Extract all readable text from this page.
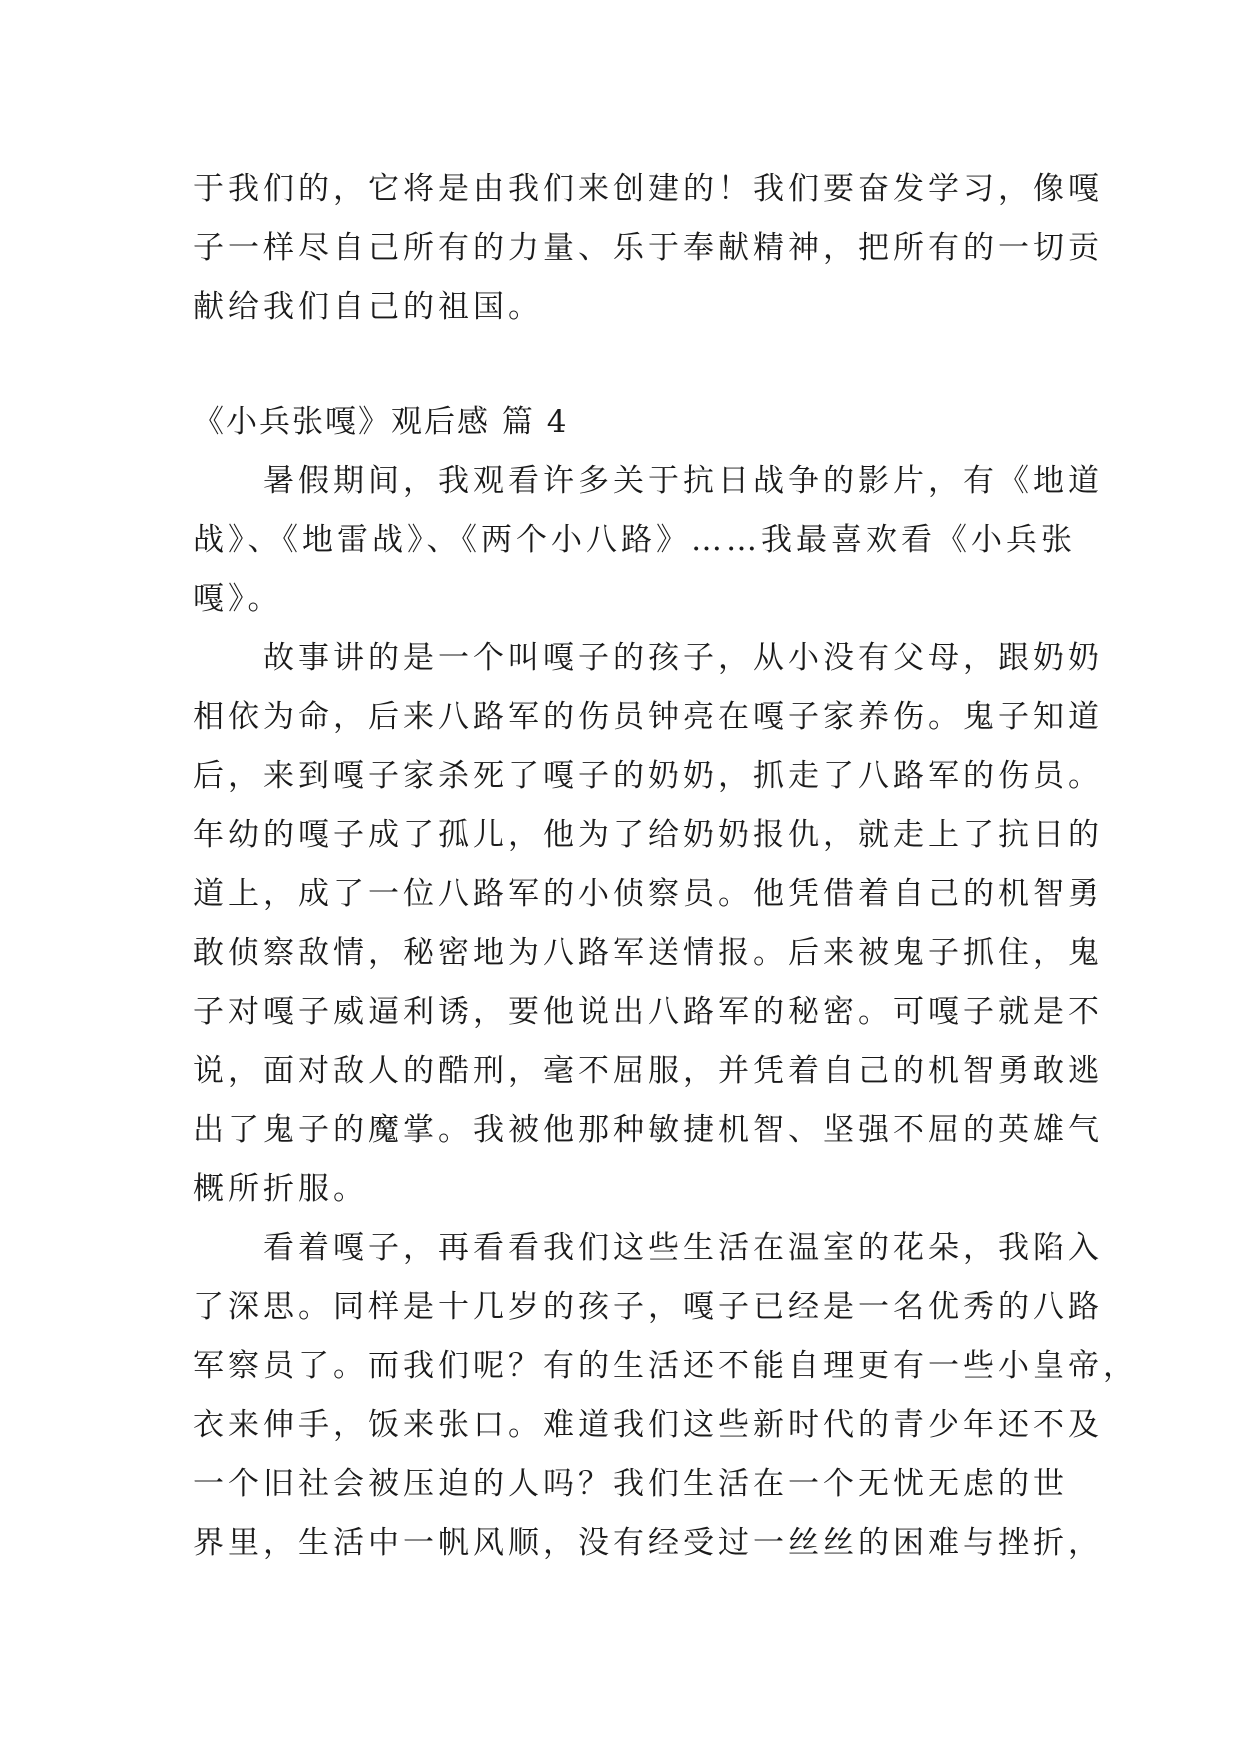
于我们的，它将是由我们来创建的！我们要奋发学习，像嘎
子一样尽自己所有的力量、乐于奉献精神，把所有的一切贡
献给我们自己的祖国。
《小兵张嘎》观后感 篇 4
　　暑假期间，我观看许多关于抗日战争的影片，有《地道
战》、《地雷战》、《两个小八路》……我最喜欢看《小兵张
嘎》。
　　故事讲的是一个叫嘎子的孩子，从小没有父母，跟奶奶
相依为命，后来八路军的伤员钟亮在嘎子家养伤。鬼子知道
后，来到嘎子家杀死了嘎子的奶奶，抓走了八路军的伤员。
年幼的嘎子成了孤儿，他为了给奶奶报仇，就走上了抗日的
道上，成了一位八路军的小侦察员。他凭借着自己的机智勇
敢侦察敌情，秘密地为八路军送情报。后来被鬼子抓住，鬼
子对嘎子威逼利诱，要他说出八路军的秘密。可嘎子就是不
说，面对敌人的酷刑，毫不屈服，并凭着自己的机智勇敢逃
出了鬼子的魔掌。我被他那种敏捷机智、坚强不屈的英雄气
概所折服。
　　看着嘎子，再看看我们这些生活在温室的花朵，我陷入
了深思。同样是十几岁的孩子，嘎子已经是一名优秀的八路
军察员了。而我们呢？有的生活还不能自理更有一些小皇帝，
衣来伸手，饭来张口。难道我们这些新时代的青少年还不及
一个旧社会被压迫的人吗？我们生活在一个无忧无虑的世
界里，生活中一帆风顺，没有经受过一丝丝的困难与挫折，
